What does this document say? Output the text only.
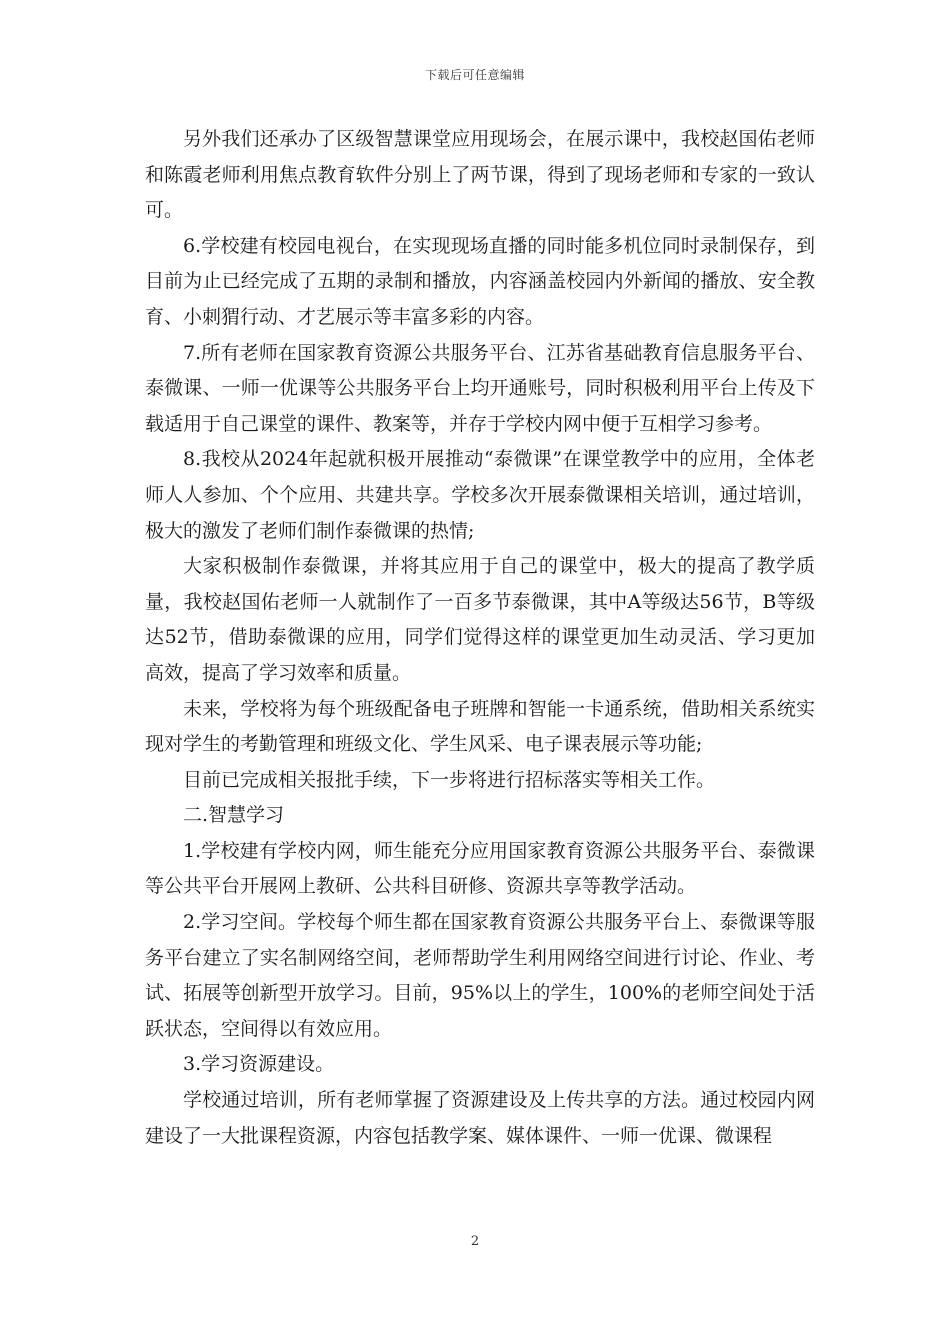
下载后可任意编辑

另外我们还承办了区级智慧课堂应用现场会，在展示课中，我校赵国佑老师和陈霞老师利用焦点教育软件分别上了两节课，得到了现场老师和专家的一致认可。

6.学校建有校园电视台，在实现现场直播的同时能多机位同时录制保存，到目前为止已经完成了五期的录制和播放，内容涵盖校园内外新闻的播放、安全教育、小刺猬行动、才艺展示等丰富多彩的内容。

7.所有老师在国家教育资源公共服务平台、江苏省基础教育信息服务平台、泰微课、一师一优课等公共服务平台上均开通账号，同时积极利用平台上传及下载适用于自己课堂的课件、教案等，并存于学校内网中便于互相学习参考。

8.我校从2024年起就积极开展推动“泰微课”在课堂教学中的应用，全体老师人人参加、个个应用、共建共享。学校多次开展泰微课相关培训，通过培训，极大的激发了老师们制作泰微课的热情;

大家积极制作泰微课，并将其应用于自己的课堂中，极大的提高了教学质量，我校赵国佑老师一人就制作了一百多节泰微课，其中A等级达56节，B等级达52节，借助泰微课的应用，同学们觉得这样的课堂更加生动灵活、学习更加高效，提高了学习效率和质量。

未来，学校将为每个班级配备电子班牌和智能一卡通系统，借助相关系统实现对学生的考勤管理和班级文化、学生风采、电子课表展示等功能;

目前已完成相关报批手续，下一步将进行招标落实等相关工作。

二.智慧学习

1.学校建有学校内网，师生能充分应用国家教育资源公共服务平台、泰微课等公共平台开展网上教研、公共科目研修、资源共享等教学活动。

2.学习空间。学校每个师生都在国家教育资源公共服务平台上、泰微课等服务平台建立了实名制网络空间，老师帮助学生利用网络空间进行讨论、作业、考试、拓展等创新型开放学习。目前，95%以上的学生，100%的老师空间处于活跃状态，空间得以有效应用。

3.学习资源建设。

学校通过培训，所有老师掌握了资源建设及上传共享的方法。通过校园内网建设了一大批课程资源，内容包括教学案、媒体课件、一师一优课、微课程

2
